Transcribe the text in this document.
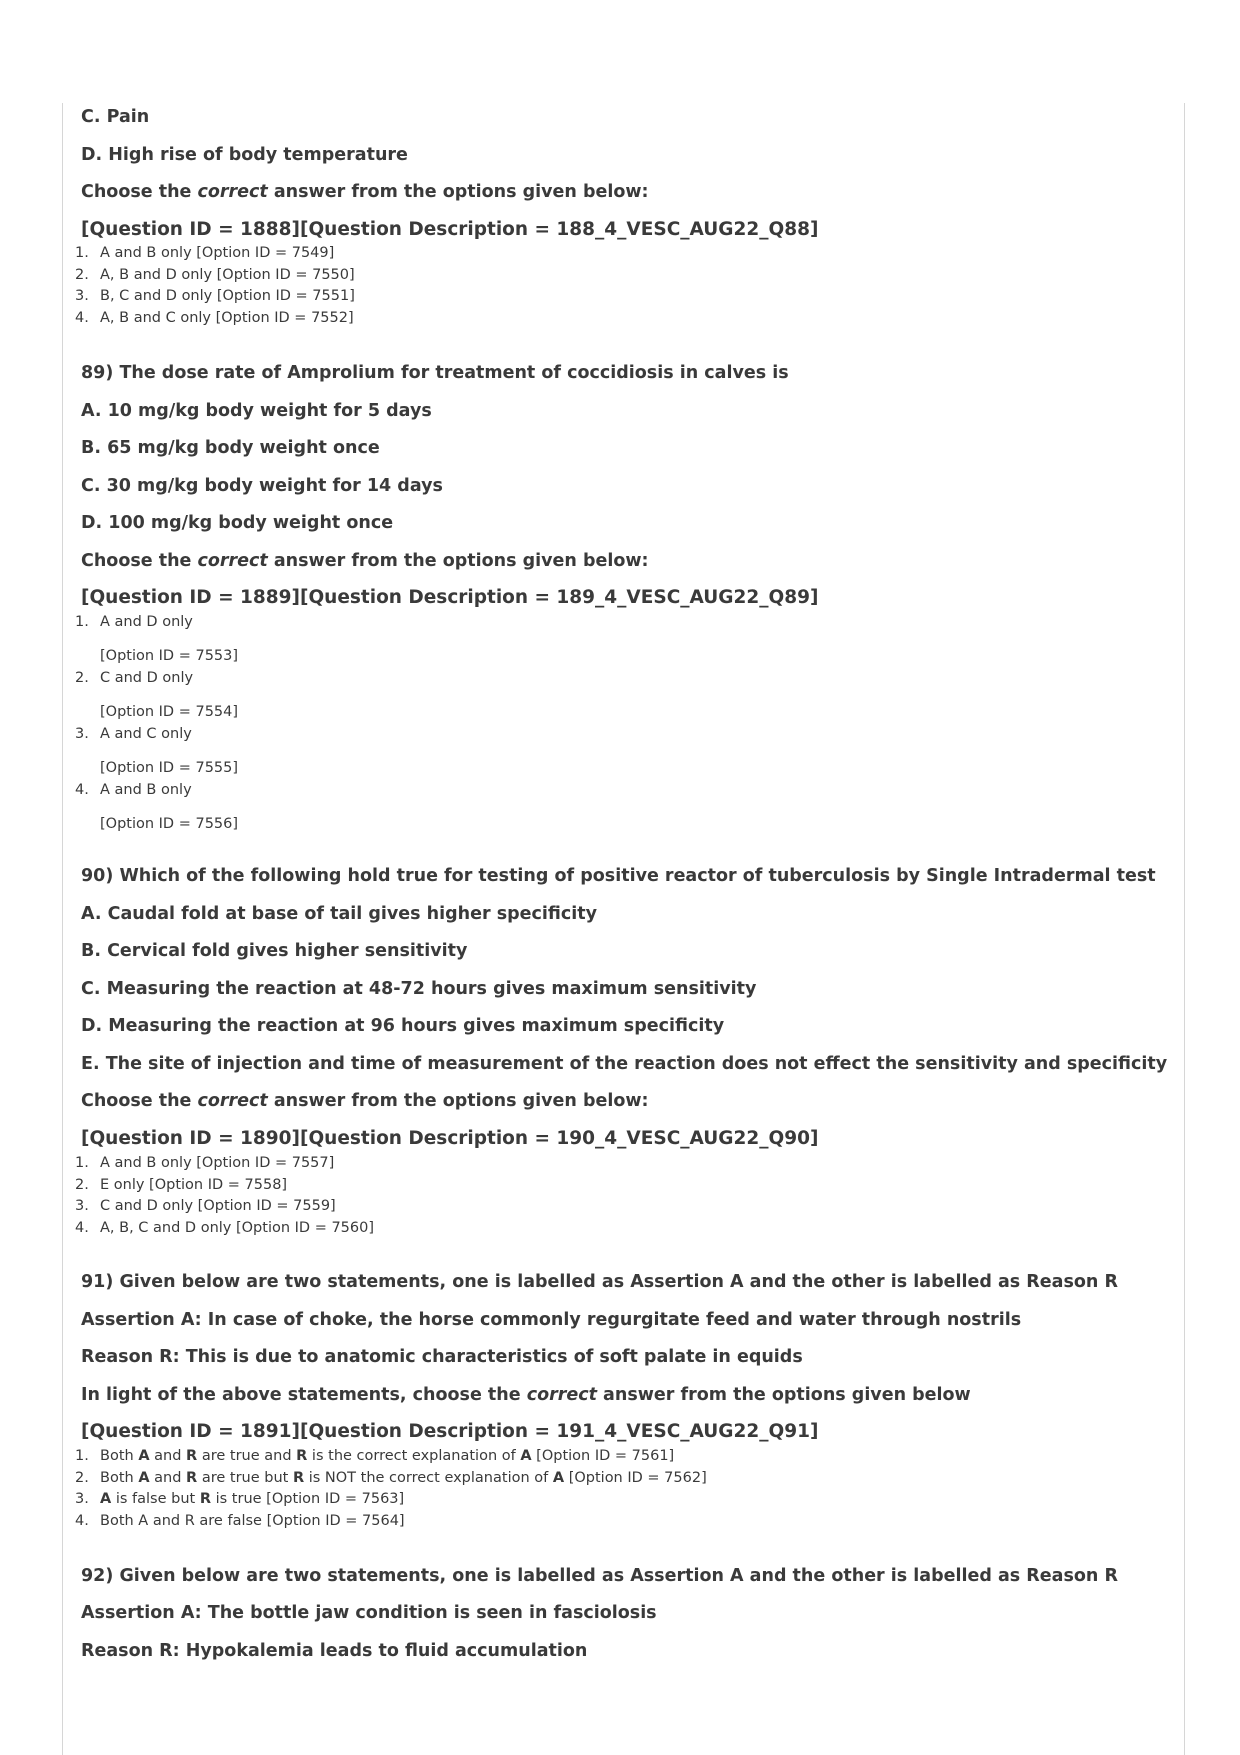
C. Pain
D. High rise of body temperature
Choose the correct answer from the options given below:
[Question ID = 1888][Question Description = 188_4_VESC_AUG22_Q88]
1. A and B only [Option ID = 7549]
2. A, B and D only [Option ID = 7550]
3. B, C and D only [Option ID = 7551]
4. A, B and C only [Option ID = 7552]
89) The dose rate of Amprolium for treatment of coccidiosis in calves is
A. 10 mg/kg body weight for 5 days
B. 65 mg/kg body weight once
C. 30 mg/kg body weight for 14 days
D. 100 mg/kg body weight once
Choose the correct answer from the options given below:
[Question ID = 1889][Question Description = 189_4_VESC_AUG22_Q89]
1. A and D only
[Option ID = 7553]
2. C and D only
[Option ID = 7554]
3. A and C only
[Option ID = 7555]
4. A and B only
[Option ID = 7556]
90) Which of the following hold true for testing of positive reactor of tuberculosis by Single Intradermal test
A. Caudal fold at base of tail gives higher specificity
B. Cervical fold gives higher sensitivity
C. Measuring the reaction at 48-72 hours gives maximum sensitivity
D. Measuring the reaction at 96 hours gives maximum specificity
E. The site of injection and time of measurement of the reaction does not effect the sensitivity and specificity
Choose the correct answer from the options given below:
[Question ID = 1890][Question Description = 190_4_VESC_AUG22_Q90]
1. A and B only [Option ID = 7557]
2. E only [Option ID = 7558]
3. C and D only [Option ID = 7559]
4. A, B, C and D only [Option ID = 7560]
91) Given below are two statements, one is labelled as Assertion A and the other is labelled as Reason R
Assertion A: In case of choke, the horse commonly regurgitate feed and water through nostrils
Reason R: This is due to anatomic characteristics of soft palate in equids
In light of the above statements, choose the correct answer from the options given below
[Question ID = 1891][Question Description = 191_4_VESC_AUG22_Q91]
1. Both A and R are true and R is the correct explanation of A [Option ID = 7561]
2. Both A and R are true but R is NOT the correct explanation of A [Option ID = 7562]
3. A is false but R is true [Option ID = 7563]
4. Both A and R are false [Option ID = 7564]
92) Given below are two statements, one is labelled as Assertion A and the other is labelled as Reason R
Assertion A: The bottle jaw condition is seen in fasciolosis
Reason R: Hypokalemia leads to fluid accumulation
